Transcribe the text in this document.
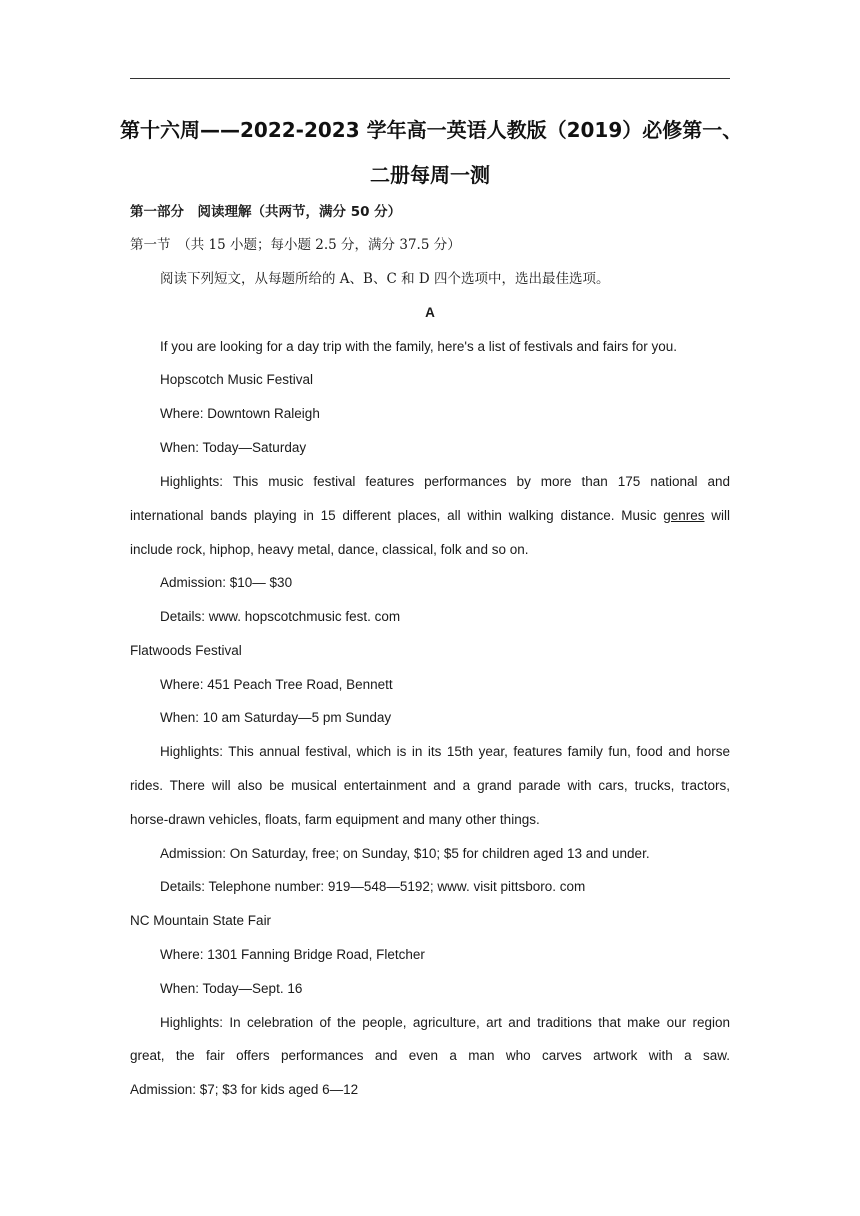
第十六周——2022-2023 学年高一英语人教版（2019）必修第一、
二册每周一测
第一部分　阅读理解（共两节，满分 50 分）
第一节　（共 15 小题；每小题 2.5 分，满分 37.5 分）
阅读下列短文，从每题所给的 A、B、C 和 D 四个选项中，选出最佳选项。
A
If you are looking for a day trip with the family, here's a list of festivals and fairs for you.
Hopscotch Music Festival
Where: Downtown Raleigh
When: Today—Saturday
Highlights: This music festival features performances by more than 175 national and
international bands playing in 15 different places, all within walking distance. Music genres will
include rock, hiphop, heavy metal, dance, classical, folk and so on.
Admission: $10— $30
Details: www. hopscotchmusic fest. com
Flatwoods Festival
Where: 451 Peach Tree Road, Bennett
When: 10 am Saturday—5 pm Sunday
Highlights: This annual festival, which is in its 15th year, features family fun, food and horse
rides. There will also be musical entertainment and a grand parade with cars, trucks, tractors,
horse-drawn vehicles, floats, farm equipment and many other things.
Admission: On Saturday, free; on Sunday, $10; $5 for children aged 13 and under.
Details: Telephone number: 919—548—5192; www. visit pittsboro. com
NC Mountain State Fair
Where: 1301 Fanning Bridge Road, Fletcher
When: Today—Sept. 16
Highlights: In celebration of the people, agriculture, art and traditions that make our region
great, the fair offers performances and even a man who carves artwork with a saw.
Admission: $7; $3 for kids aged 6—12
